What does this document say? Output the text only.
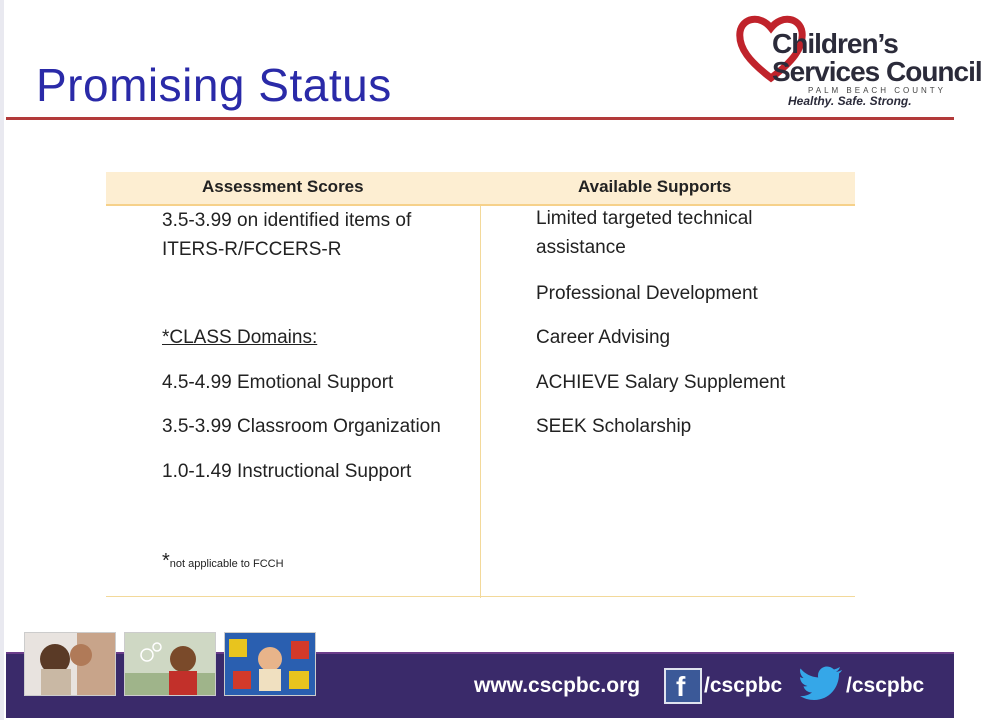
Promising Status
Children’s
Services Council
PALM BEACH COUNTY
Healthy. Safe. Strong.
Assessment Scores	Available Supports
3.5-3.99 on identified items of
ITERS-R/FCCERS-R
*CLASS Domains:
4.5-4.99 Emotional Support
3.5-3.99 Classroom Organization
1.0-1.49 Instructional Support
*not applicable to FCCH
Limited targeted technical
assistance
Professional Development
Career Advising
ACHIEVE Salary Supplement
SEEK Scholarship
www.cscpbc.org f /cscpbc	/cscpbc
